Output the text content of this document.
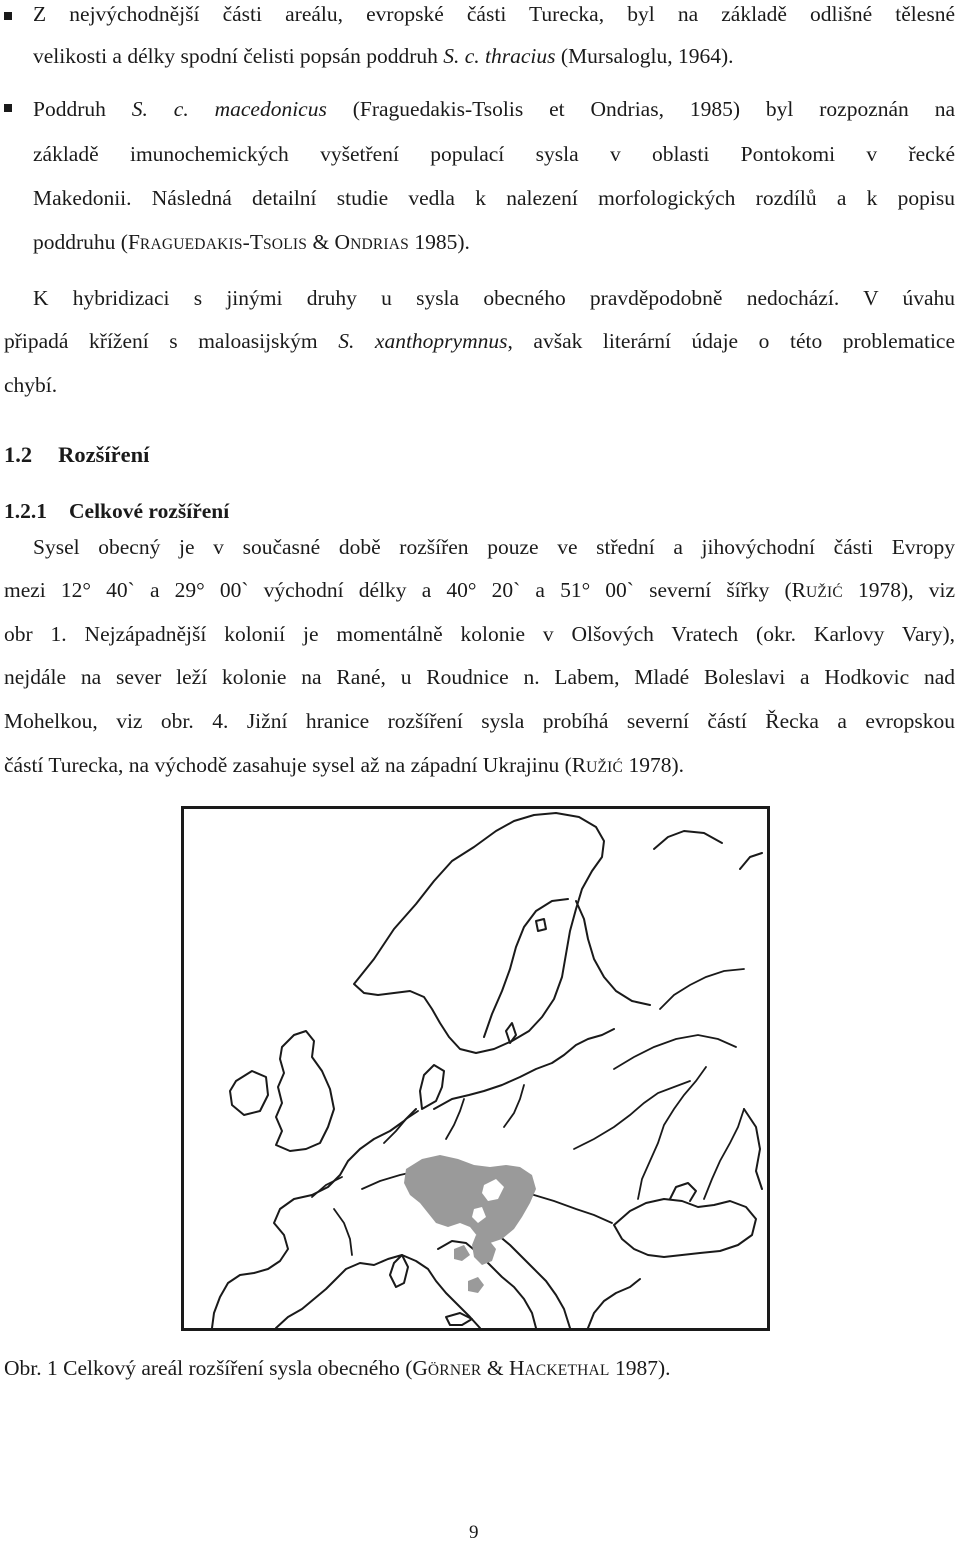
Z nejvýchodnější části areálu, evropské části Turecka, byl na základě odlišné tělesné
velikosti a délky spodní čelisti popsán poddruh S. c. thracius (Mursaloglu, 1964).
Poddruh S. c. macedonicus (Fraguedakis-Tsolis et Ondrias, 1985) byl rozpoznán na
základě imunochemických vyšetření populací sysla v oblasti Pontokomi v řecké
Makedonii. Následná detailní studie vedla k nalezení morfologických rozdílů a k popisu
poddruhu (FRAGUEDAKIS-TSOLIS & ONDRIAS 1985).
K hybridizaci s jinými druhy u sysla obecného pravděpodobně nedochází. V úvahu
připadá křížení s maloasijským S. xanthoprymnus, avšak literární údaje o této problematice
chybí.
1.2 Rozšíření
1.2.1 Celkové rozšíření
Sysel obecný je v současné době rozšířen pouze ve střední a jihovýchodní části Evropy
mezi 12° 40` a 29° 00` východní délky a 40° 20` a 51° 00` severní šířky (RUŽIĆ 1978), viz
obr 1. Nejzápadnější kolonií je momentálně kolonie v Olšových Vratech (okr. Karlovy Vary),
nejdále na sever leží kolonie na Rané, u Roudnice n. Labem, Mladé Boleslavi a Hodkovic nad
Mohelkou, viz obr. 4. Jižní hranice rozšíření sysla probíhá severní částí Řecka a evropskou
částí Turecka, na východě zasahuje sysel až na západní Ukrajinu (RUŽIĆ 1978).
Obr. 1 Celkový areál rozšíření sysla obecného (GÖRNER & HACKETHAL 1987).
9
